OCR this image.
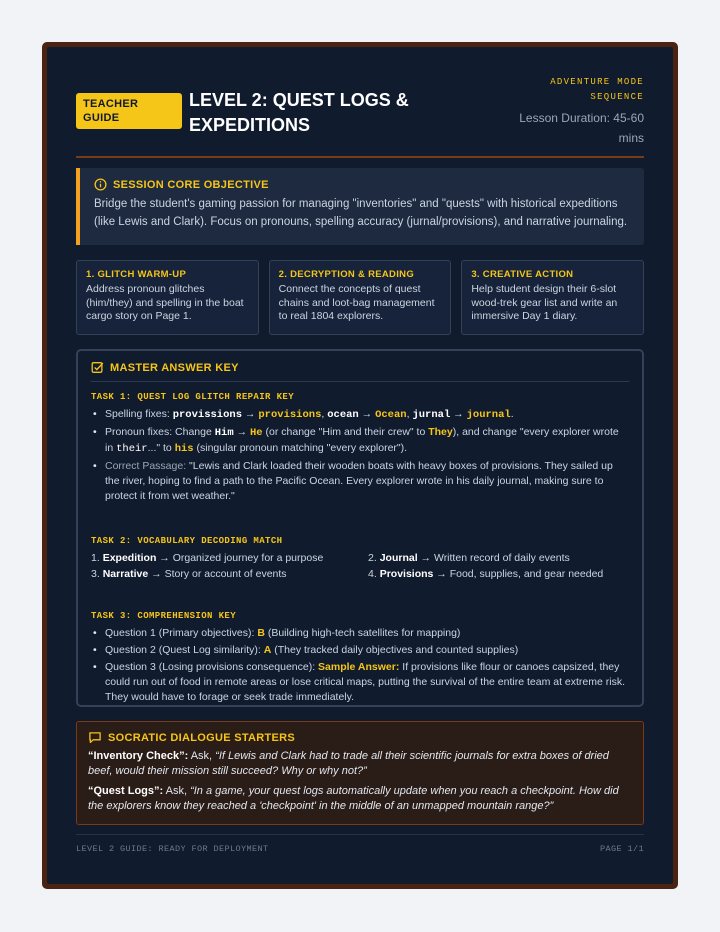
TEACHER GUIDE
LEVEL 2: QUEST LOGS & EXPEDITIONS
ADVENTURE MODE SEQUENCE
Lesson Duration: 45-60 mins
SESSION CORE OBJECTIVE

Bridge the student's gaming passion for managing "inventories" and "quests" with historical expeditions (like Lewis and Clark). Focus on pronouns, spelling accuracy (jurnal/provisions), and narrative journaling.

1. GLITCH WARM-UP

Address pronoun glitches (him/they) and spelling in the boat cargo story on Page 1.

2. DECRYPTION & READING

Connect the concepts of quest chains and loot-bag management to real 1804 explorers.

3. CREATIVE ACTION

Help student design their 6-slot wood-trek gear list and write an immersive Day 1 diary.

MASTER ANSWER KEY
TASK 1: QUEST LOG GLITCH REPAIR KEY
• Spelling fixes: provissions → provisions, ocean → Ocean, jurnal → journal.
• Pronoun fixes: Change Him → He (or change "Him and their crew" to They), and change "every explorer wrote in their..." to his (singular pronoun matching "every explorer").
• Correct Passage: "Lewis and Clark loaded their wooden boats with heavy boxes of provisions. They sailed up the river, hoping to find a path to the Pacific Ocean. Every explorer wrote in his daily journal, making sure to protect it from wet weather."
TASK 2: VOCABULARY DECODING MATCH
1. Expedition → Organized journey for a purpose	2. Journal → Written record of daily events
3. Narrative → Story or account of events	4. Provisions → Food, supplies, and gear needed
TASK 3: COMPREHENSION KEY
• Question 1 (Primary objectives): B (Building high-tech satellites for mapping)
• Question 2 (Quest Log similarity): A (They tracked daily objectives and counted supplies)
• Question 3 (Losing provisions consequence): Sample Answer: If provisions like flour or canoes capsized, they could run out of food in remote areas or lose critical maps, putting the survival of the entire team at extreme risk. They would have to forage or seek trade immediately.
SOCRATIC DIALOGUE STARTERS

“Inventory Check”: Ask, “If Lewis and Clark had to trade all their scientific journals for extra boxes of dried beef, would their mission still succeed? Why or why not?”

“Quest Logs”: Ask, “In a game, your quest logs automatically update when you reach a checkpoint. How did the explorers know they reached a 'checkpoint' in the middle of an unmapped mountain range?”

LEVEL 2 GUIDE: READY FOR DEPLOYMENT	PAGE 1/1
